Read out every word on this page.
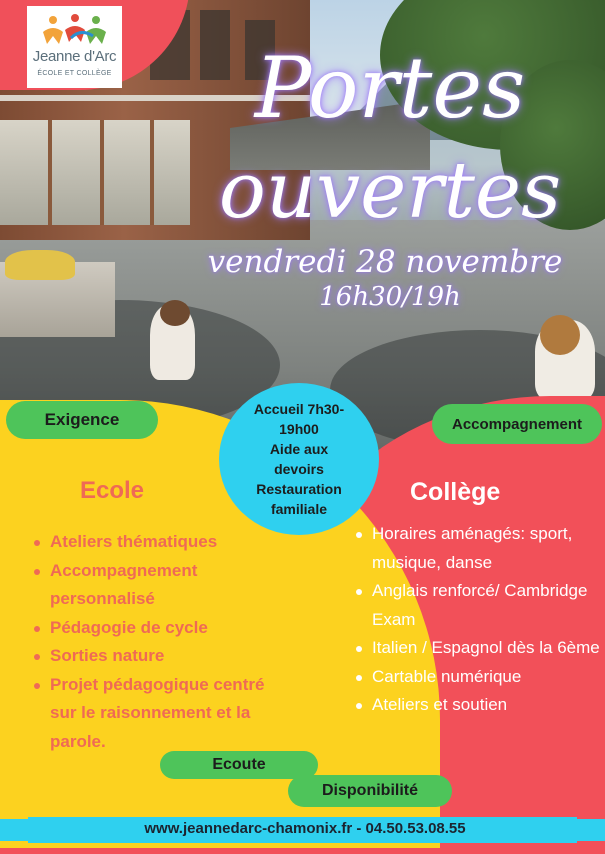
Jeanne d'Arc
ÉCOLE ET COLLÈGE	Portes
ouvertes
vendredi 28 novembre
16h30/19h
Exigence	Accompagnement
Accueil 7h30-
19h00
Aide aux
devoirs
Restauration
familiale
Ecole	Collège
Ateliers thématiques
Accompagnement personnalisé
Pédagogie de cycle
Sorties nature
Projet pédagogique centré sur le raisonnement et la parole.
Horaires aménagés: sport, musique, danse
Anglais renforcé/ Cambridge Exam
Italien / Espagnol dès la 6ème
Cartable numérique
Ateliers et soutien
Ecoute
Disponibilité
www.jeannedarc-chamonix.fr - 04.50.53.08.55
